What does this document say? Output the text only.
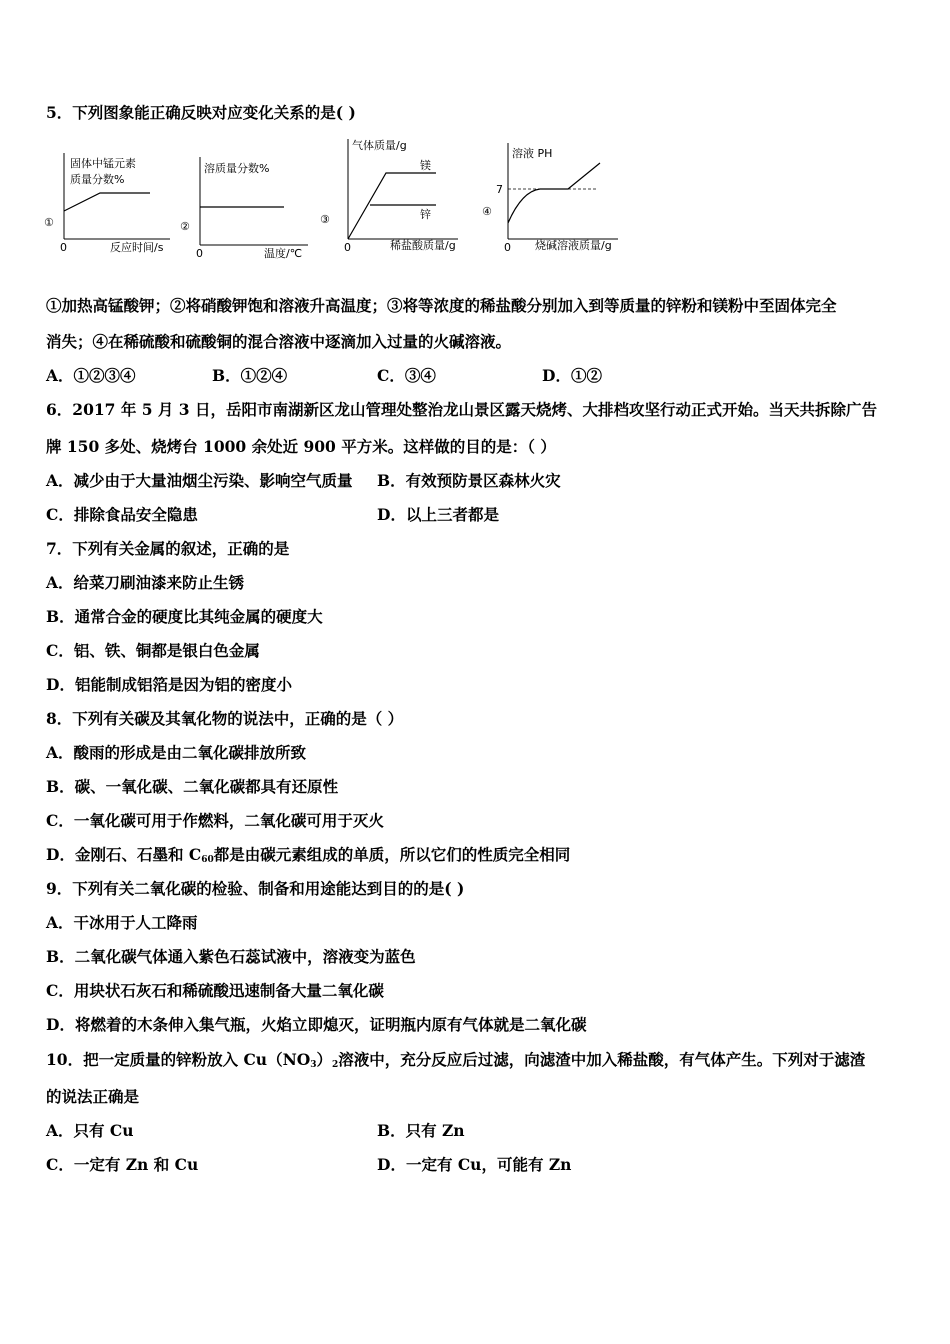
5．下列图象能正确反映对应变化关系的是( )
①
固体中锰元素
质量分数%
0	反应时间/s
②
溶质量分数%
0	温度/℃
③
气体质量/g
镁
锌
0	稀盐酸质量/g
④
溶液 PH
7
0 烧碱溶液质量/g
①加热高锰酸钾；②将硝酸钾饱和溶液升高温度；③将等浓度的稀盐酸分别加入到等质量的锌粉和镁粉中至固体完全
消失；④在稀硫酸和硫酸铜的混合溶液中逐滴加入过量的火碱溶液。
A．①②③④	B．①②④	C．③④	D．①②
6．2017 年 5 月 3 日，岳阳市南湖新区龙山管理处整治龙山景区露天烧烤、大排档攻坚行动正式开始。当天共拆除广告
牌 150 多处、烧烤台 1000 余处近 900 平方米。这样做的目的是：（ ）
A．减少由于大量油烟尘污染、影响空气质量 B．有效预防景区森林火灾
C．排除食品安全隐患	D．以上三者都是
7．下列有关金属的叙述，正确的是
A．给菜刀刷油漆来防止生锈
B．通常合金的硬度比其纯金属的硬度大
C．铝、铁、铜都是银白色金属
D．铝能制成铝箔是因为铝的密度小
8．下列有关碳及其氧化物的说法中，正确的是（ ）
A．酸雨的形成是由二氧化碳排放所致
B．碳、一氧化碳、二氧化碳都具有还原性
C．一氧化碳可用于作燃料，二氧化碳可用于灭火
D．金刚石、石墨和 $C_{60}$都是由碳元素组成的单质，所以它们的性质完全相同
9．下列有关二氧化碳的检验、制备和用途能达到目的的是( )
A．干冰用于人工降雨
B．二氧化碳气体通入紫色石蕊试液中，溶液变为蓝色
C．用块状石灰石和稀硫酸迅速制备大量二氧化碳
D．将燃着的木条伸入集气瓶，火焰立即熄灭，证明瓶内原有气体就是二氧化碳
10．把一定质量的锌粉放入 $Cu(NO_3)_2$溶液中，充分反应后过滤，向滤渣中加入稀盐酸，有气体产生。下列对于滤渣
的说法正确是
A．只有 Cu	B．只有 Zn
C．一定有 Zn 和 Cu	D．一定有 Cu，可能有 Zn
